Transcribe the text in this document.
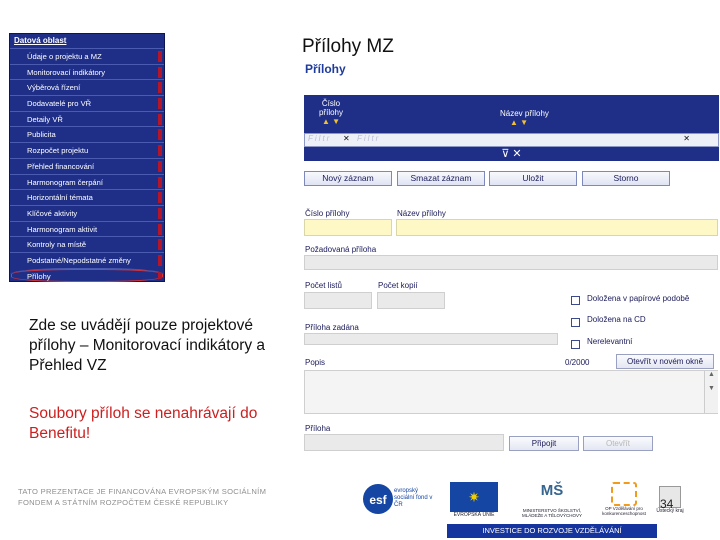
Přílohy MZ
Datová oblast
Údaje o projektu a MZ
Monitorovací indikátory
Výběrová řízení
Dodavatelé pro VŘ
Detaily VŘ
Publicita
Rozpočet projektu
Přehled financování
Harmonogram čerpání
Horizontální témata
Klíčové aktivity
Harmonogram aktivit
Kontroly na místě
Podstatné/Nepodstatné změny
Přílohy
Zde se uvádějí pouze projektové přílohy – Monitorovací indikátory a Přehled VZ
Soubory příloh se nenahrávají do Benefitu!
Přílohy
Číslo přílohy
▲ ▼
Název přílohy
▲ ▼
Filtr ✕ Filtr	✕
⊽ ✕
Nový záznam	Smazat záznam	Uložit	Storno
Číslo přílohy	Název přílohy
Požadovaná příloha
Počet listů	Počet kopií
Doložena v papírové podobě
Doložena na CD
Nerelevantní
Příloha zadána
Popis	0/2000	Otevřít v novém okně
▲

▼
Příloha
Připojit	Otevřít
TATO PREZENTACE JE FINANCOVÁNA EVROPSKÝM SOCIÁLNÍM
FONDEM A STÁTNÍM ROZPOČTEM ČESKÉ REPUBLIKY	esf
evropský sociální fond v ČR	✷
EVROPSKÁ UNIE
MŠ
MINISTERSTVO ŠKOLSTVÍ, MLÁDEŽE A TĚLOVÝCHOVY
OP Vzdělávání pro konkurenceschopnost	Ústecký kraj
34
INVESTICE DO ROZVOJE VZDĚLÁVÁNÍ
